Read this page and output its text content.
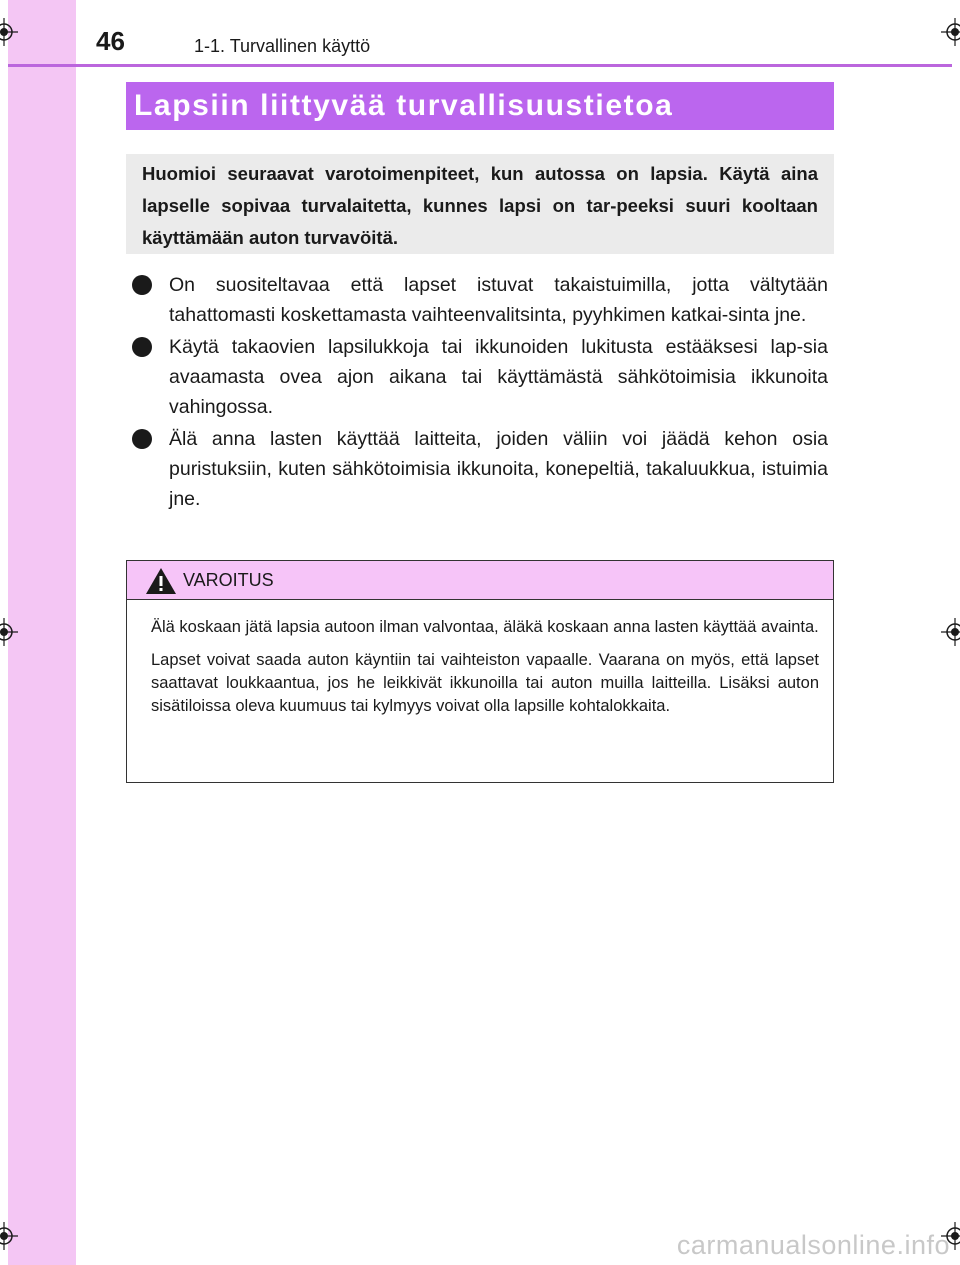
46	1-1. Turvallinen käyttö
Lapsiin liittyvää turvallisuustietoa

Huomioi seuraavat varotoimenpiteet, kun autossa on lapsia. Käytä aina lapselle sopivaa turvalaitetta, kunnes lapsi on tar-peeksi suuri kooltaan käyttämään auton turvavöitä.

On suositeltavaa että lapset istuvat takaistuimilla, jotta vältytään tahattomasti koskettamasta vaihteenvalitsinta, pyyhkimen katkai-sinta jne.
Käytä takaovien lapsilukkoja tai ikkunoiden lukitusta estääksesi lap-sia avaamasta ovea ajon aikana tai käyttämästä sähkötoimisia ikkunoita vahingossa.
Älä anna lasten käyttää laitteita, joiden väliin voi jäädä kehon osia puristuksiin, kuten sähkötoimisia ikkunoita, konepeltiä, takaluukkua, istuimia jne.
VAROITUS

Älä koskaan jätä lapsia autoon ilman valvontaa, äläkä koskaan anna lasten käyttää avainta.

Lapset voivat saada auton käyntiin tai vaihteiston vapaalle. Vaarana on myös, että lapset saattavat loukkaantua, jos he leikkivät ikkunoilla tai auton muilla laitteilla. Lisäksi auton sisätiloissa oleva kuumuus tai kylmyys voivat olla lapsille kohtalokkaita.

carmanualsonline.info
